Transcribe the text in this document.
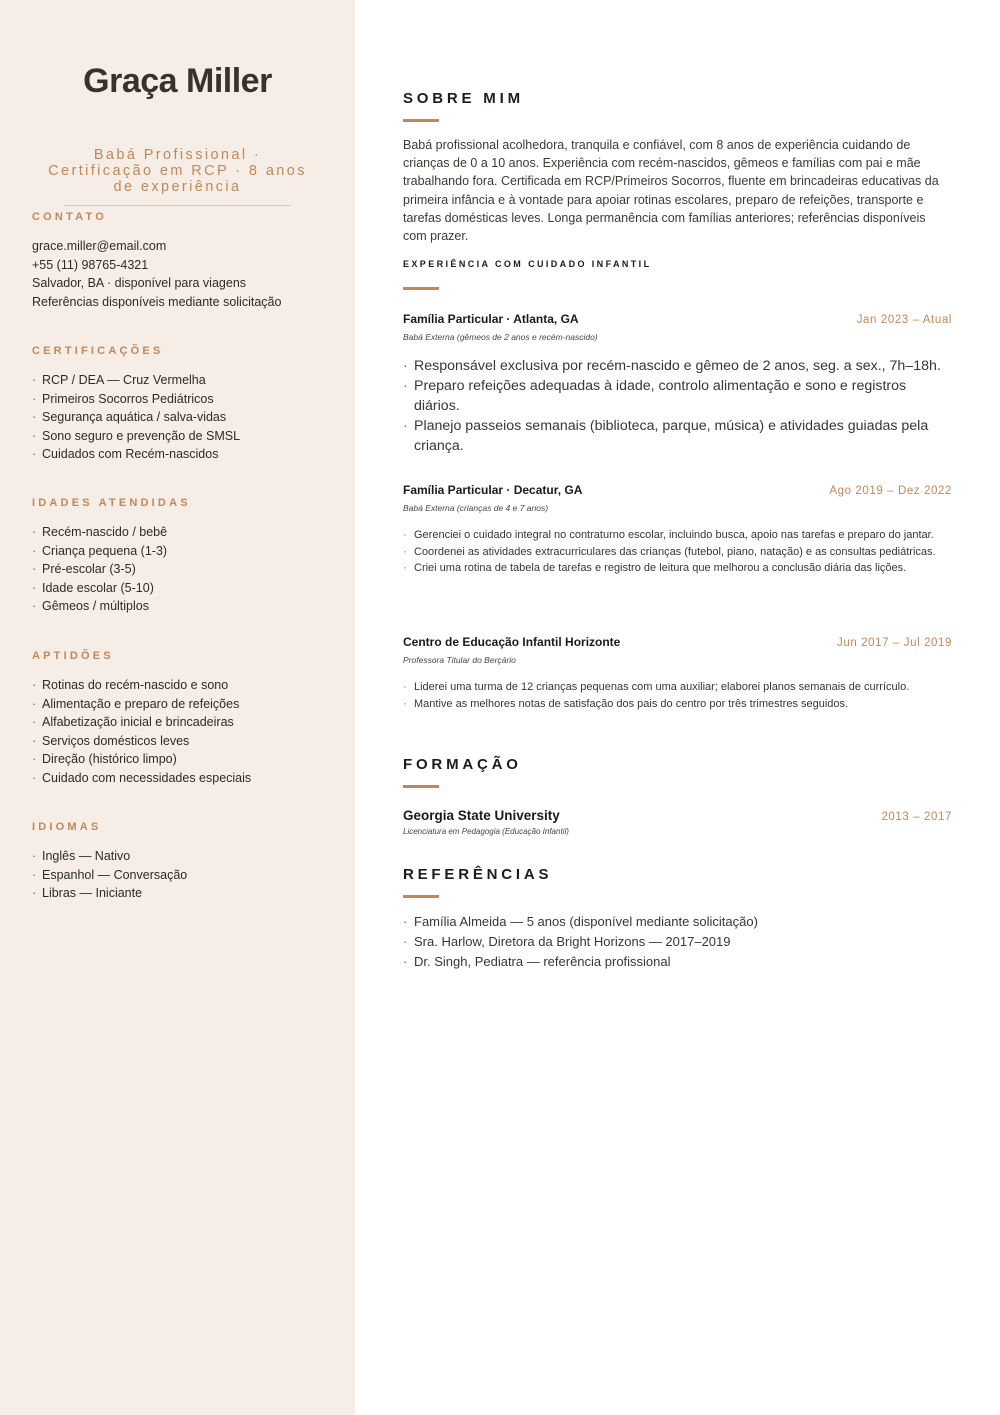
Graça Miller
Babá Profissional · Certificação em RCP · 8 anos de experiência
CONTATO
grace.miller@email.com
+55 (11) 98765-4321
Salvador, BA · disponível para viagens
Referências disponíveis mediante solicitação
CERTIFICAÇÕES
· RCP / DEA — Cruz Vermelha
· Primeiros Socorros Pediátricos
· Segurança aquática / salva-vidas
· Sono seguro e prevenção de SMSL
· Cuidados com Recém-nascidos
IDADES ATENDIDAS
· Recém-nascido / bebê
· Criança pequena (1-3)
· Pré-escolar (3-5)
· Idade escolar (5-10)
· Gêmeos / múltiplos
APTIDÕES
· Rotinas do recém-nascido e sono
· Alimentação e preparo de refeições
· Alfabetização inicial e brincadeiras
· Serviços domésticos leves
· Direção (histórico limpo)
· Cuidado com necessidades especiais
IDIOMAS
· Inglês — Nativo
· Espanhol — Conversação
· Libras — Iniciante
SOBRE MIM

Babá profissional acolhedora, tranquila e confiável, com 8 anos de experiência cuidando de crianças de 0 a 10 anos. Experiência com recém-nascidos, gêmeos e famílias com pai e mãe trabalhando fora. Certificada em RCP/Primeiros Socorros, fluente em brincadeiras educativas da primeira infância e à vontade para apoiar rotinas escolares, preparo de refeições, transporte e tarefas domésticas leves. Longa permanência com famílias anteriores; referências disponíveis com prazer.

EXPERIÊNCIA COM CUIDADO INFANTIL
Família Particular · Atlanta, GA	Jan 2023 – Atual
Babá Externa (gêmeos de 2 anos e recém-nascido)
· Responsável exclusiva por recém-nascido e gêmeo de 2 anos, seg. a sex., 7h–18h.
· Preparo refeições adequadas à idade, controlo alimentação e sono e registros diários.
· Planejo passeios semanais (biblioteca, parque, música) e atividades guiadas pela criança.
Família Particular · Decatur, GA	Ago 2019 – Dez 2022
Babá Externa (crianças de 4 e 7 anos)
· Gerenciei o cuidado integral no contraturno escolar, incluindo busca, apoio nas tarefas e preparo do jantar.
· Coordenei as atividades extracurriculares das crianças (futebol, piano, natação) e as consultas pediátricas.
· Criei uma rotina de tabela de tarefas e registro de leitura que melhorou a conclusão diária das lições.
Centro de Educação Infantil Horizonte	Jun 2017 – Jul 2019
Professora Titular do Berçário
· Liderei uma turma de 12 crianças pequenas com uma auxiliar; elaborei planos semanais de currículo.
· Mantive as melhores notas de satisfação dos pais do centro por três trimestres seguidos.
FORMAÇÃO
Georgia State University	2013 – 2017
Licenciatura em Pedagogia (Educação Infantil)
REFERÊNCIAS
· Família Almeida — 5 anos (disponível mediante solicitação)
· Sra. Harlow, Diretora da Bright Horizons — 2017–2019
· Dr. Singh, Pediatra — referência profissional
